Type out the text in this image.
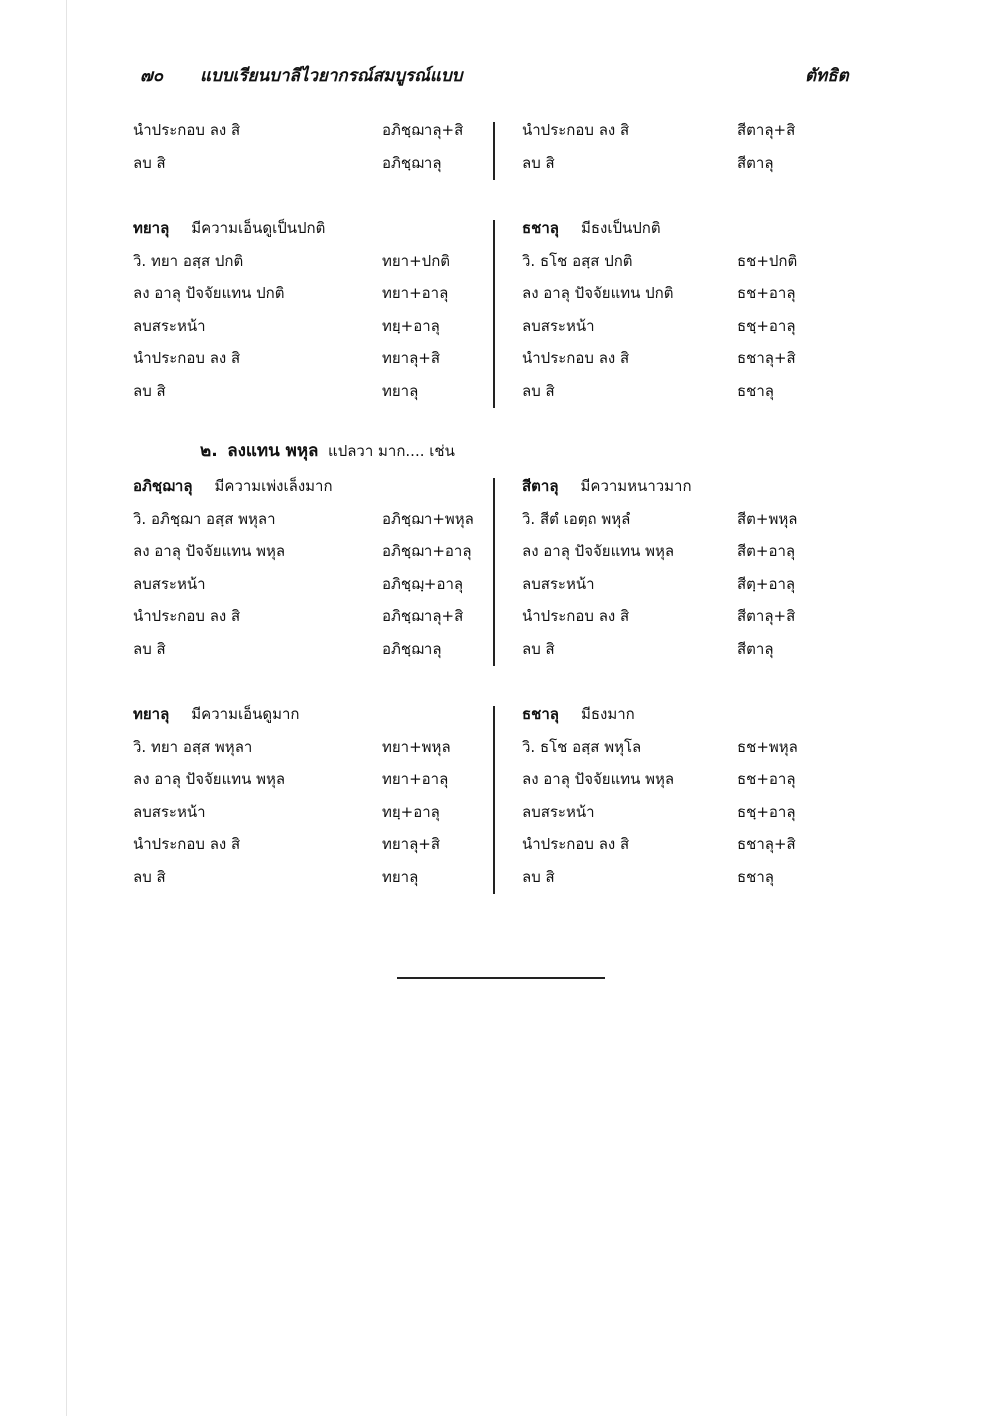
๗๐ แบบเรียนบาลีไวยากรณ์สมบูรณ์แบบ	ตัทธิต
นำประกอบ ลง สิ	อภิชฺฌาลุ+สิ	นำประกอบ ลง สิ	สีตาลุ+สิ
ลบ สิ	อภิชฺฌาลุ	ลบ สิ	สีตาลุ
ทยาลุ มีความเอ็นดูเป็นปกติ	ธชาลุ มีธงเป็นปกติ
วิ. ทยา อสฺส ปกติ	ทยา+ปกติ	วิ. ธโช อสฺส ปกติ	ธช+ปกติ
ลง อาลุ ปัจจัยแทน ปกติ	ทยา+อาลุ	ลง อาลุ ปัจจัยแทน ปกติ	ธช+อาลุ
ลบสระหน้า	ทยฺ+อาลุ	ลบสระหน้า	ธชฺ+อาลุ
นำประกอบ ลง สิ	ทยาลุ+สิ	นำประกอบ ลง สิ	ธชาลุ+สิ
ลบ สิ	ทยาลุ	ลบ สิ	ธชาลุ
๒. ลงแทน พหุล แปลวา มาก.... เช่น
อภิชฺฌาลุ มีความเพ่งเล็งมาก	สีตาลุ มีความหนาวมาก
วิ. อภิชฺฌา อสฺส พหุลา	อภิชฺฌา+พหุล	วิ. สีตํ เอตฺถ พหุลํ	สีต+พหุล
ลง อาลุ ปัจจัยแทน พหุล	อภิชฺฌา+อาลุ	ลง อาลุ ปัจจัยแทน พหุล	สีต+อาลุ
ลบสระหน้า	อภิชฺฌฺ+อาลุ	ลบสระหน้า	สีตฺ+อาลุ
นำประกอบ ลง สิ	อภิชฺฌาลุ+สิ	นำประกอบ ลง สิ	สีตาลุ+สิ
ลบ สิ	อภิชฺฌาลุ	ลบ สิ	สีตาลุ
ทยาลุ มีความเอ็นดูมาก	ธชาลุ มีธงมาก
วิ. ทยา อสฺส พหุลา	ทยา+พหุล	วิ. ธโช อสฺส พหุโล	ธช+พหุล
ลง อาลุ ปัจจัยแทน พหุล	ทยา+อาลุ	ลง อาลุ ปัจจัยแทน พหุล	ธช+อาลุ
ลบสระหน้า	ทยฺ+อาลุ	ลบสระหน้า	ธชฺ+อาลุ
นำประกอบ ลง สิ	ทยาลุ+สิ	นำประกอบ ลง สิ	ธชาลุ+สิ
ลบ สิ	ทยาลุ	ลบ สิ	ธชาลุ
